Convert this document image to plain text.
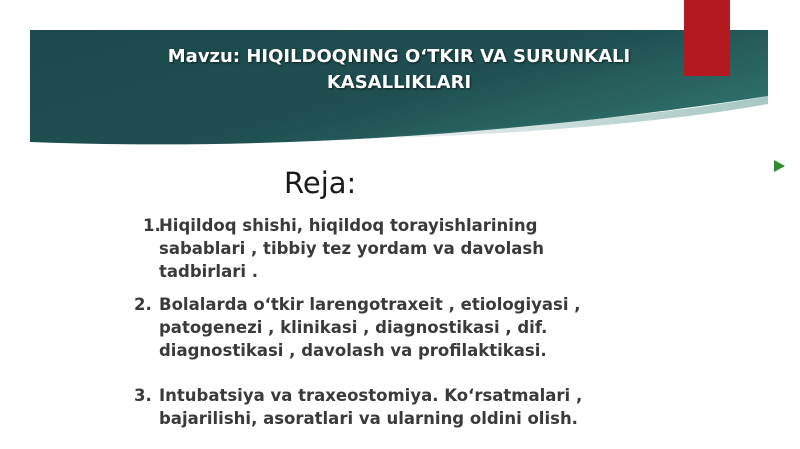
Mavzu: HIQILDOQNING O‘TKIR VA SURUNKALI
KASALLIKLARI
Reja:
1.
Hiqildoq shishi, hiqildoq torayishlarining
sabablari , tibbiy tez yordam va davolash
tadbirlari .
2. Bolalarda o‘tkir larengotraxeit , etiologiyasi ,
patogenezi , klinikasi , diagnostikasi , dif.
diagnostikasi , davolash va profilaktikasi.
3. Intubatsiya va traxeostomiya. Ko‘rsatmalari ,
bajarilishi, asoratlari va ularning oldini olish.
